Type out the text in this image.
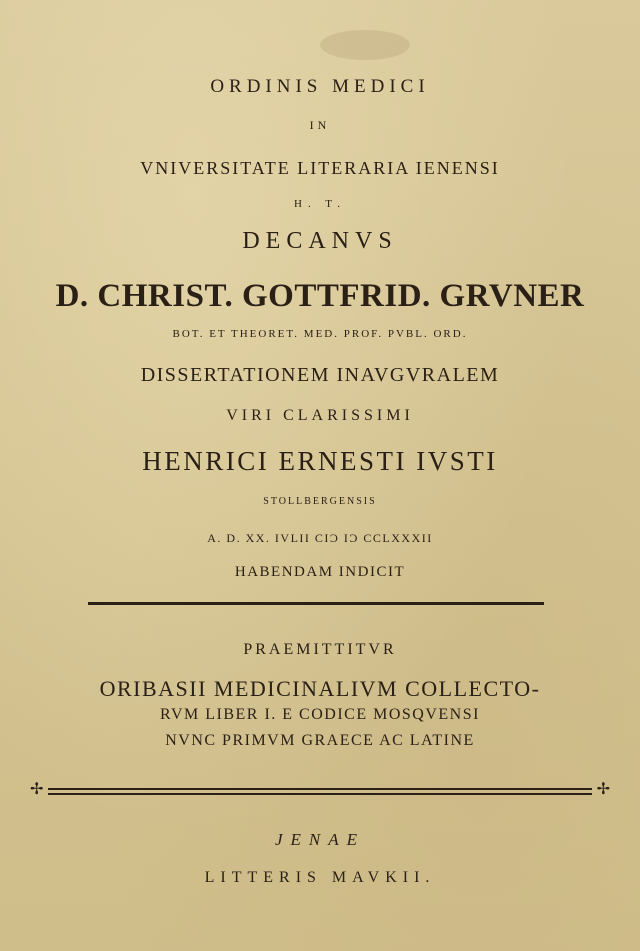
ORDINIS MEDICI
IN
VNIVERSITATE LITERARIA IENENSI
H. T.
DECANVS
D. CHRIST. GOTTFRID. GRVNER
BOT. ET THEORET. MED. PROF. PVBL. ORD.
DISSERTATIONEM INAVGVRALEM
VIRI CLARISSIMI
HENRICI ERNESTI IVSTI
STOLLBERGENSIS
A. D. XX. IVLII CIƆ IƆ CCLXXXII
HABENDAM INDICIT
PRAEMITTITVR
ORIBASII MEDICINALIVM COLLECTO-
RVM LIBER I. E CODICE MOSQVENSI
NVNC PRIMVM GRAECE AC LATINE
✢	✢
JENAE
LITTERIS MAVKII.
